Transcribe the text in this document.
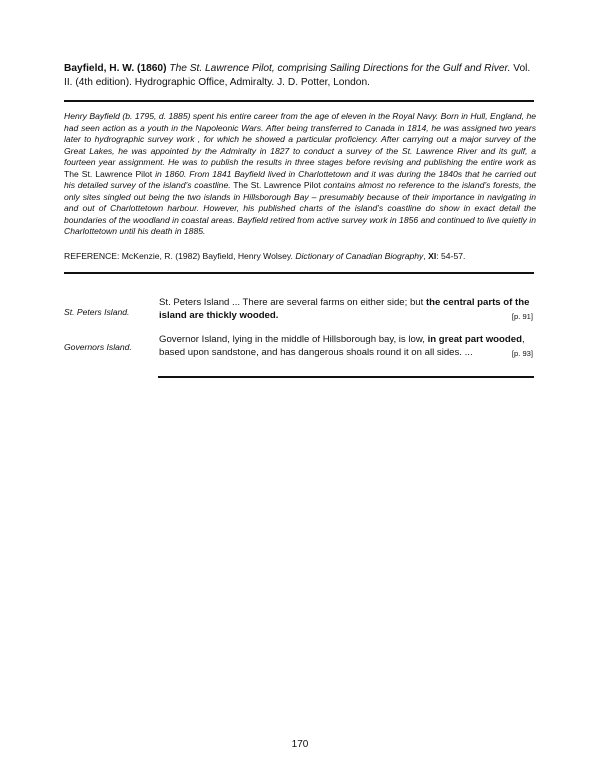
Bayfield, H. W. (1860) The St. Lawrence Pilot, comprising Sailing Directions for the Gulf and River. Vol. II. (4th edition). Hydrographic Office, Admiralty. J. D. Potter, London.
Henry Bayfield (b. 1795, d. 1885) spent his entire career from the age of eleven in the Royal Navy. Born in Hull, England, he had seen action as a youth in the Napoleonic Wars. After being transferred to Canada in 1814, he was assigned two years later to hydrographic survey work , for which he showed a particular proficiency. After carrying out a major survey of the Great Lakes, he was appointed by the Admiralty in 1827 to conduct a survey of the St. Lawrence River and its gulf, a fourteen year assignment. He was to publish the results in three stages before revising and publishing the entire work as The St. Lawrence Pilot in 1860. From 1841 Bayfield lived in Charlottetown and it was during the 1840s that he carried out his detailed survey of the island’s coastline. The St. Lawrence Pilot contains almost no reference to the island’s forests, the only sites singled out being the two islands in Hillsborough Bay – presumably because of their importance in navigating in and out of Charlottetown harbour. However, his published charts of the island’s coastline do show in exact detail the boundaries of the woodland in coastal areas. Bayfield retired from active survey work in 1856 and continued to live quietly in Charlottetown until his death in 1885.
REFERENCE: McKenzie, R. (1982) Bayfield, Henry Wolsey. Dictionary of Canadian Biography, XI: 54-57.
St. Peters Island.
St. Peters Island ... There are several farms on either side; but the central parts of the island are thickly wooded.	[p. 91]
Governors Island.
Governor Island, lying in the middle of Hillsborough bay, is low, in great part wooded, based upon sandstone, and has dangerous shoals round it on all sides. ...	[p. 93]
170
